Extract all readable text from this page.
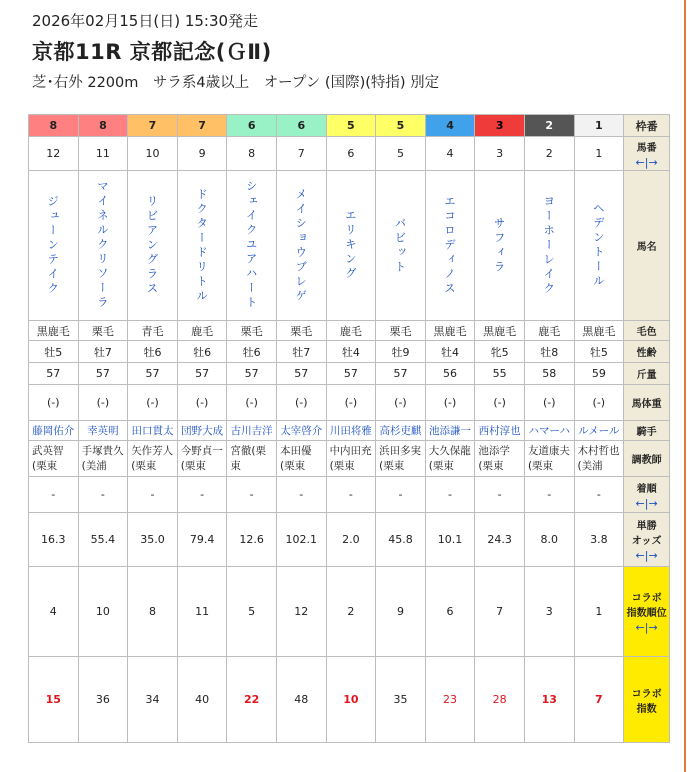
2026年02月15日(日) 15:30発走
京都11R 京都記念(ＧⅡ)
芝･右外 2200m　サラ系4歳以上　オープン (国際)(特指) 別定
8	8	7	7	6	6	5	5	4	3	2	1	枠番
12	11	10	9	8	7	6	5	4	3	2	1	馬番
←|→

ジューンテイク	マイネルクリソーラ	リビアングラス	ドクタードリトル	シェイクユアハート	メイショウブレゲ	エリキング	バビット	エコロディノス	サフィラ	ヨーホーレイク	ヘデントール	馬名
黒鹿毛	栗毛	青毛	鹿毛	栗毛	栗毛	鹿毛	栗毛	黒鹿毛	黒鹿毛	鹿毛	黒鹿毛	毛色
牡5	牡7	牡6	牡6	牡6	牡7	牡4	牡9	牡4	牝5	牡8	牡5	性齢
57	57	57	57	57	57	57	57	56	55	58	59	斤量
(-)	(-)	(-)	(-)	(-)	(-)	(-)	(-)	(-)	(-)	(-)	(-)	馬体重
藤岡佑介	幸英明	田口貫太	団野大成	古川吉洋	太宰啓介	川田将雅	高杉吏麒	池添謙一	西村淳也	ハマーハ	ルメール	騎手

武英智(栗東	手塚貴久(美浦	矢作芳人(栗東	今野貞一(栗東	宮徹(栗東	本田優(栗東	中内田充(栗東	浜田多実(栗東	大久保龍(栗東	池添学(栗東	友道康夫(栗東	木村哲也(美浦	調教師
-	-	-	-	-	-	-	-	-	-	-	-	着順
←|→

16.3	55.4	35.0	79.4	12.6	102.1	2.0	45.8	10.1	24.3	8.0	3.8	単勝
オッズ
←|→

4	10	8	11	5	12	2	9	6	7	3	1	コラボ
指数順位
←|→

15	36	34	40	22	48	10	35	23	28	13	7	コラボ
指数
